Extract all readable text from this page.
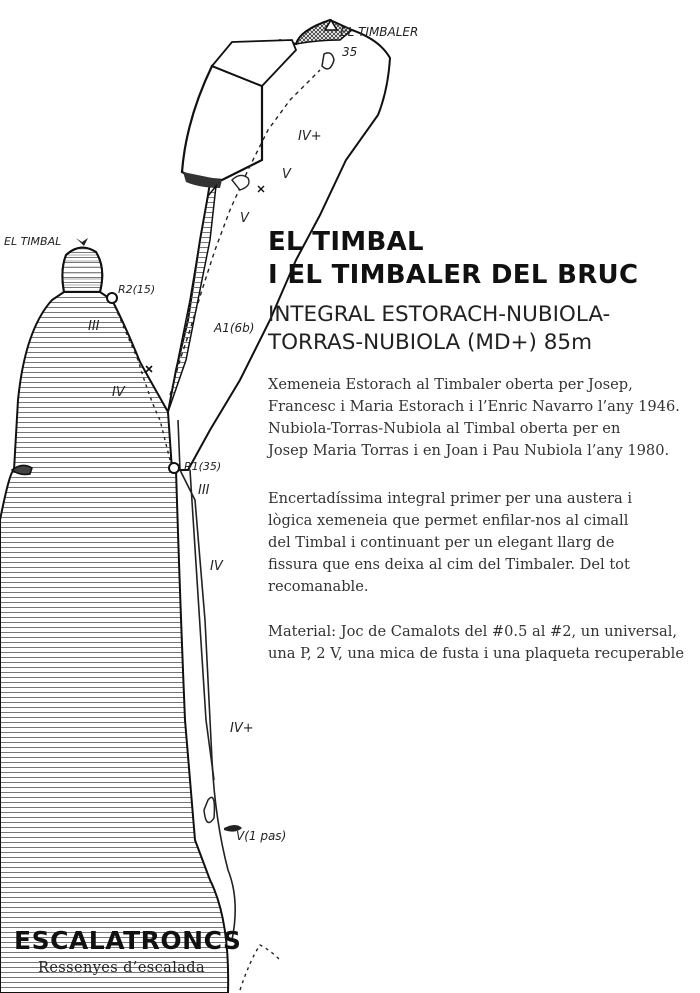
EL TIMBALER
35
EL TIMBAL
R2(15)
R1(35)
A1(6b)
V(1 pas)
IV+
V
V
III
IV
III
IV
IV+
EL TIMBAL
I EL TIMBALER DEL BRUC
INTEGRAL ESTORACH-NUBIOLA-
TORRAS-NUBIOLA (MD+) 85m

Xemeneia Estorach al Timbaler oberta per Josep,
Francesc i Maria Estorach i l’Enric Navarro l’any 1946.
Nubiola-Torras-Nubiola al Timbal oberta per en
Josep Maria Torras i en Joan i Pau Nubiola l’any 1980.

Encertadíssima integral primer per una austera i
lògica xemeneia que permet enfilar-nos al cimall
del Timbal i continuant per un elegant llarg de
fissura que ens deixa al cim del Timbaler. Del tot
recomanable.

Material: Joc de Camalots del #0.5 al #2, un universal,
una P, 2 V, una mica de fusta i una plaqueta recuperable

ESCALATRONCS
Ressenyes d’escalada
